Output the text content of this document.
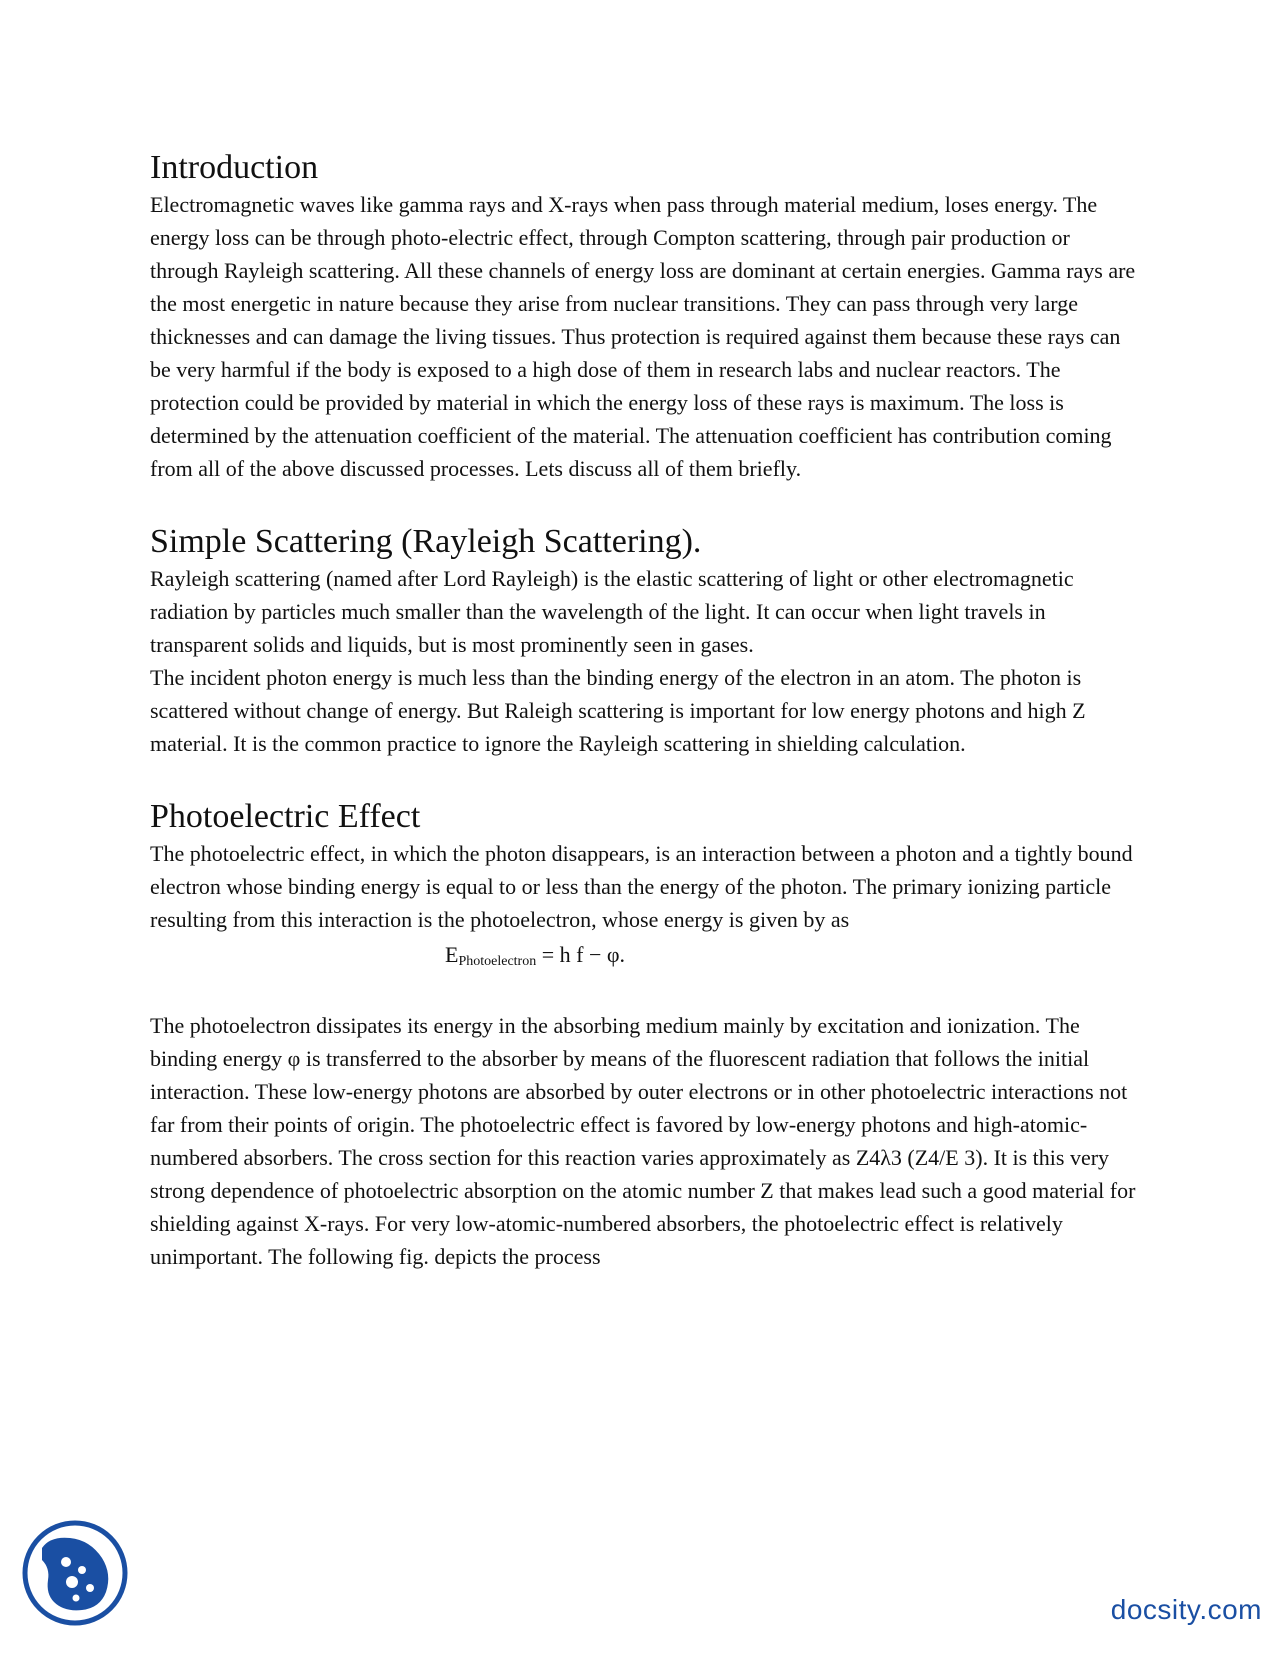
Introduction

Electromagnetic waves like gamma rays and X-rays when pass through material medium, loses energy. The energy loss can be through photo-electric effect, through Compton scattering, through pair production or through Rayleigh scattering. All these channels of energy loss are dominant at certain energies. Gamma rays are the most energetic in nature because they arise from nuclear transitions. They can pass through very large thicknesses and can damage the living tissues. Thus protection is required against them because these rays can be very harmful if the body is exposed to a high dose of them in research labs and nuclear reactors. The protection could be provided by material in which the energy loss of these rays is maximum. The loss is determined by the attenuation coefficient of the material. The attenuation coefficient has contribution coming from all of the above discussed processes. Lets discuss all of them briefly.

Simple Scattering (Rayleigh Scattering).

Rayleigh scattering (named after Lord Rayleigh) is the elastic scattering of light or other electromagnetic radiation by particles much smaller than the wavelength of the light. It can occur when light travels in transparent solids and liquids, but is most prominently seen in gases.

The incident photon energy is much less than the binding energy of the electron in an atom. The photon is scattered without change of energy. But Raleigh scattering is important for low energy photons and high Z material. It is the common practice to ignore the Rayleigh scattering in shielding calculation.

Photoelectric Effect

The photoelectric effect, in which the photon disappears, is an interaction between a photon and a tightly bound electron whose binding energy is equal to or less than the energy of the photon. The primary ionizing particle resulting from this interaction is the photoelectron, whose energy is given by as

$E_{Photoelectron} = h$ f − φ.

The photoelectron dissipates its energy in the absorbing medium mainly by excitation and ionization. The binding energy φ is transferred to the absorber by means of the fluorescent radiation that follows the initial interaction. These low-energy photons are absorbed by outer electrons or in other photoelectric interactions not far from their points of origin. The photoelectric effect is favored by low-energy photons and high-atomic-numbered absorbers. The cross section for this reaction varies approximately as Z4λ3 (Z4/E 3). It is this very strong dependence of photoelectric absorption on the atomic number Z that makes lead such a good material for shielding against X-rays. For very low-atomic-numbered absorbers, the photoelectric effect is relatively unimportant. The following fig. depicts the process

docsity.com
